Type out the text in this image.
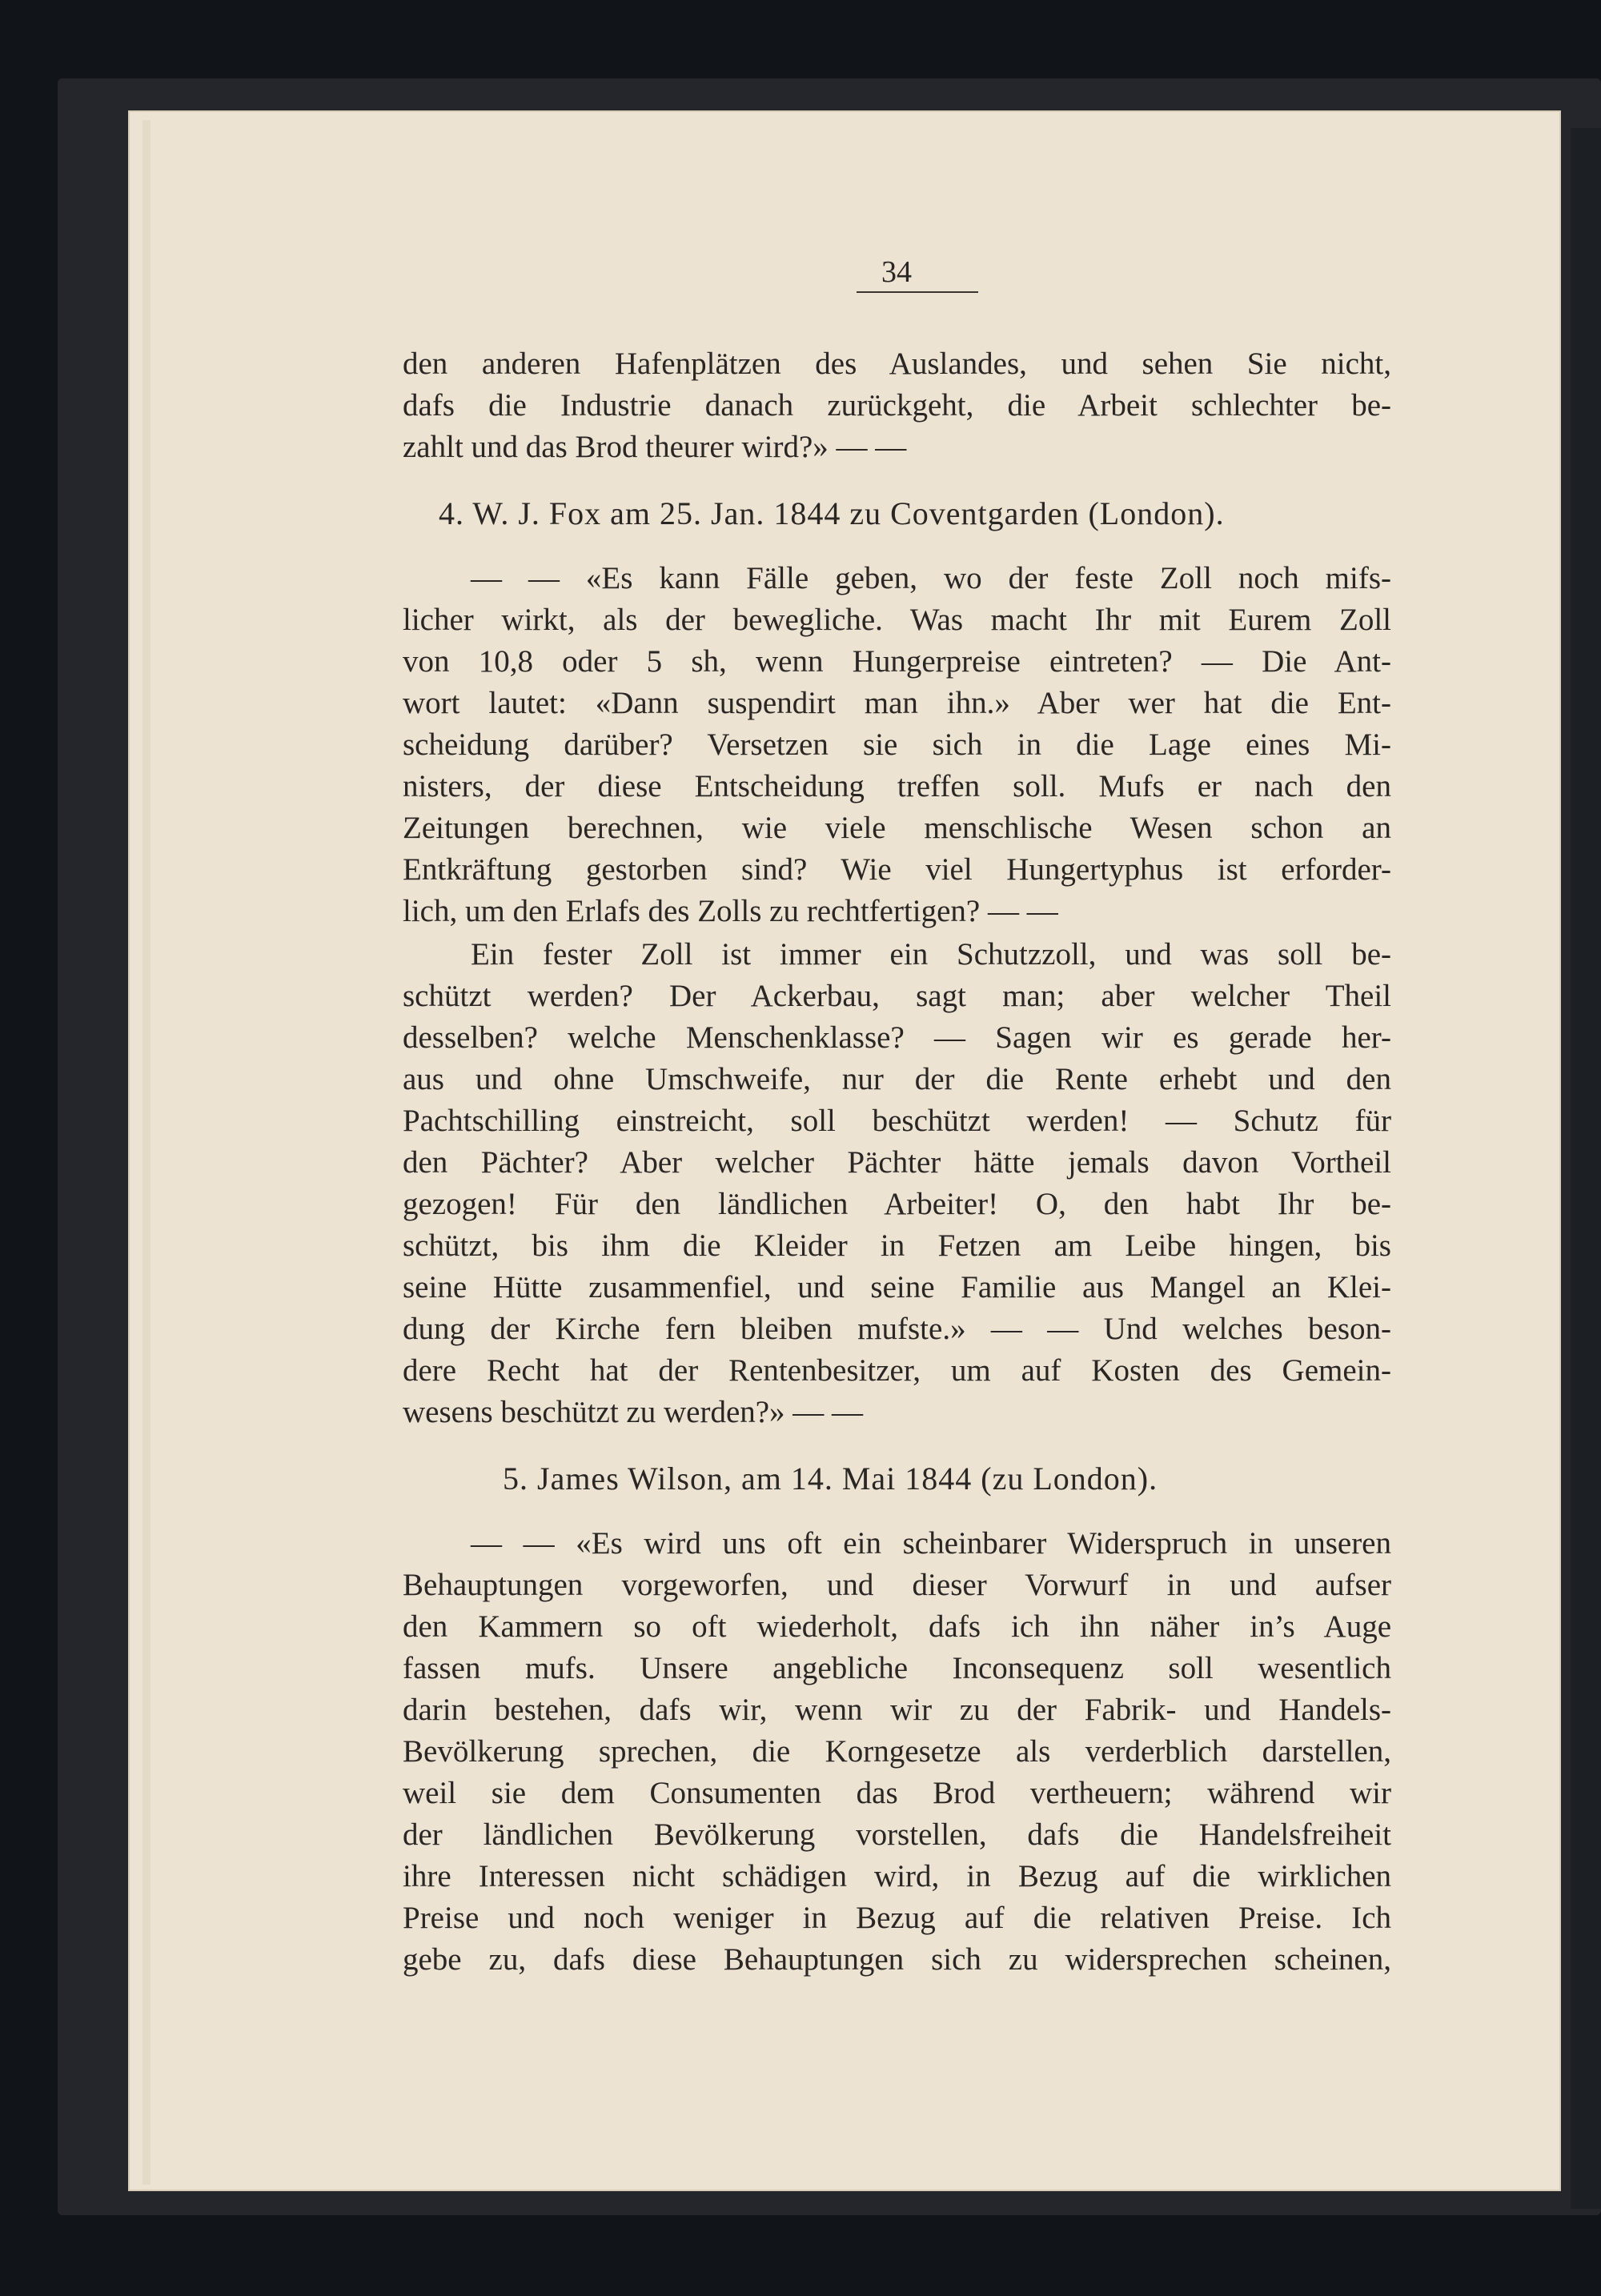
34
den anderen Hafenplätzen des Auslandes, und sehen Sie nicht,
dafs die Industrie danach zurückgeht, die Arbeit schlechter be-
zahlt und das Brod theurer wird?» — —
4. W. J. Fox am 25. Jan. 1844 zu Coventgarden (London).
— — «Es kann Fälle geben, wo der feste Zoll noch mifs-
licher wirkt, als der bewegliche. Was macht Ihr mit Eurem Zoll
von 10,8 oder 5 sh, wenn Hungerpreise eintreten? — Die Ant-
wort lautet: «Dann suspendirt man ihn.» Aber wer hat die Ent-
scheidung darüber? Versetzen sie sich in die Lage eines Mi-
nisters, der diese Entscheidung treffen soll. Mufs er nach den
Zeitungen berechnen, wie viele menschlische Wesen schon an
Entkräftung gestorben sind? Wie viel Hungertyphus ist erforder-
lich, um den Erlafs des Zolls zu rechtfertigen? — —
Ein fester Zoll ist immer ein Schutzzoll, und was soll be-
schützt werden? Der Ackerbau, sagt man; aber welcher Theil
desselben? welche Menschenklasse? — Sagen wir es gerade her-
aus und ohne Umschweife, nur der die Rente erhebt und den
Pachtschilling einstreicht, soll beschützt werden! — Schutz für
den Pächter? Aber welcher Pächter hätte jemals davon Vortheil
gezogen! Für den ländlichen Arbeiter! O, den habt Ihr be-
schützt, bis ihm die Kleider in Fetzen am Leibe hingen, bis
seine Hütte zusammenfiel, und seine Familie aus Mangel an Klei-
dung der Kirche fern bleiben mufste.» — — Und welches beson-
dere Recht hat der Rentenbesitzer, um auf Kosten des Gemein-
wesens beschützt zu werden?» — —
5. James Wilson, am 14. Mai 1844 (zu London).
— — «Es wird uns oft ein scheinbarer Widerspruch in unseren
Behauptungen vorgeworfen, und dieser Vorwurf in und aufser
den Kammern so oft wiederholt, dafs ich ihn näher in’s Auge
fassen mufs. Unsere angebliche Inconsequenz soll wesentlich
darin bestehen, dafs wir, wenn wir zu der Fabrik- und Handels-
Bevölkerung sprechen, die Korngesetze als verderblich darstellen,
weil sie dem Consumenten das Brod vertheuern; während wir
der ländlichen Bevölkerung vorstellen, dafs die Handelsfreiheit
ihre Interessen nicht schädigen wird, in Bezug auf die wirklichen
Preise und noch weniger in Bezug auf die relativen Preise. Ich
gebe zu, dafs diese Behauptungen sich zu widersprechen scheinen,
